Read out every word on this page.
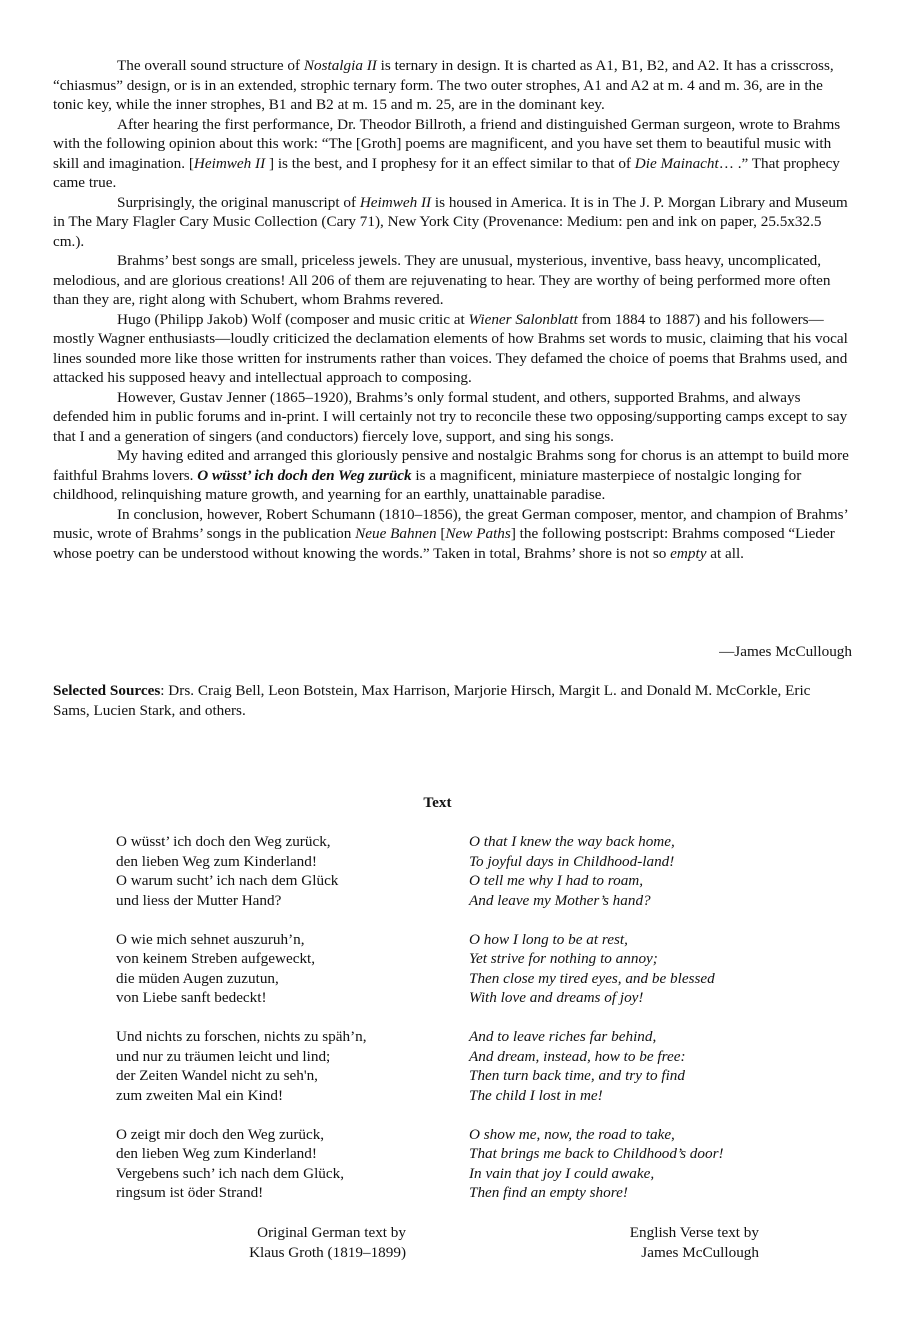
The overall sound structure of Nostalgia II is ternary in design. It is charted as A1, B1, B2, and A2. It has a crisscross, “chiasmus” design, or is in an extended, strophic ternary form. The two outer strophes, A1 and A2 at m. 4 and m. 36, are in the tonic key, while the inner strophes, B1 and B2 at m. 15 and m. 25, are in the dominant key.

After hearing the first performance, Dr. Theodor Billroth, a friend and distinguished German surgeon, wrote to Brahms with the following opinion about this work: “The [Groth] poems are magnificent, and you have set them to beautiful music with skill and imagination. [Heimweh II ] is the best, and I prophesy for it an effect similar to that of Die Mainacht… .” That prophecy came true.

Surprisingly, the original manuscript of Heimweh II is housed in America. It is in The J. P. Morgan Library and Museum in The Mary Flagler Cary Music Collection (Cary 71), New York City (Provenance: Medium: pen and ink on paper, 25.5x32.5 cm.).

Brahms’ best songs are small, priceless jewels. They are unusual, mysterious, inventive, bass heavy, uncomplicated, melodious, and are glorious creations! All 206 of them are rejuvenating to hear. They are worthy of being performed more often than they are, right along with Schubert, whom Brahms revered.

Hugo (Philipp Jakob) Wolf (composer and music critic at Wiener Salonblatt from 1884 to 1887) and his followers—mostly Wagner enthusiasts—loudly criticized the declamation elements of how Brahms set words to music, claiming that his vocal lines sounded more like those written for instruments rather than voices. They defamed the choice of poems that Brahms used, and attacked his supposed heavy and intellectual approach to composing.

However, Gustav Jenner (1865–1920), Brahms’s only formal student, and others, supported Brahms, and always defended him in public forums and in-print. I will certainly not try to reconcile these two opposing/supporting camps except to say that I and a generation of singers (and conductors) fiercely love, support, and sing his songs.

My having edited and arranged this gloriously pensive and nostalgic Brahms song for chorus is an attempt to build more faithful Brahms lovers. O wüsst’ ich doch den Weg zurück is a magnificent, miniature masterpiece of nostalgic longing for childhood, relinquishing mature growth, and yearning for an earthly, unattainable paradise.

In conclusion, however, Robert Schumann (1810–1856), the great German composer, mentor, and champion of Brahms’ music, wrote of Brahms’ songs in the publication Neue Bahnen [New Paths] the following postscript: Brahms composed “Lieder whose poetry can be understood without knowing the words.” Taken in total, Brahms’ shore is not so empty at all.

—James McCullough
Selected Sources: Drs. Craig Bell, Leon Botstein, Max Harrison, Marjorie Hirsch, Margit L. and Donald M. McCorkle, Eric Sams, Lucien Stark, and others.
Text
O wüsst’ ich doch den Weg zurück,
den lieben Weg zum Kinderland!
O warum sucht’ ich nach dem Glück
und liess der Mutter Hand?
O wie mich sehnet auszuruh’n,
von keinem Streben aufgeweckt,
die müden Augen zuzutun,
von Liebe sanft bedeckt!
Und nichts zu forschen, nichts zu späh’n,
und nur zu träumen leicht und lind;
der Zeiten Wandel nicht zu seh'n,
zum zweiten Mal ein Kind!
O zeigt mir doch den Weg zurück,
den lieben Weg zum Kinderland!
Vergebens such’ ich nach dem Glück,
ringsum ist öder Strand!
O that I knew the way back home,
To joyful days in Childhood-land!
O tell me why I had to roam,
And leave my Mother’s hand?
O how I long to be at rest,
Yet strive for nothing to annoy;
Then close my tired eyes, and be blessed
With love and dreams of joy!
And to leave riches far behind,
And dream, instead, how to be free:
Then turn back time, and try to find
The child I lost in me!
O show me, now, the road to take,
That brings me back to Childhood’s door!
In vain that joy I could awake,
Then find an empty shore!
Original German text by
Klaus Groth (1819–1899)
English Verse text by
James McCullough
